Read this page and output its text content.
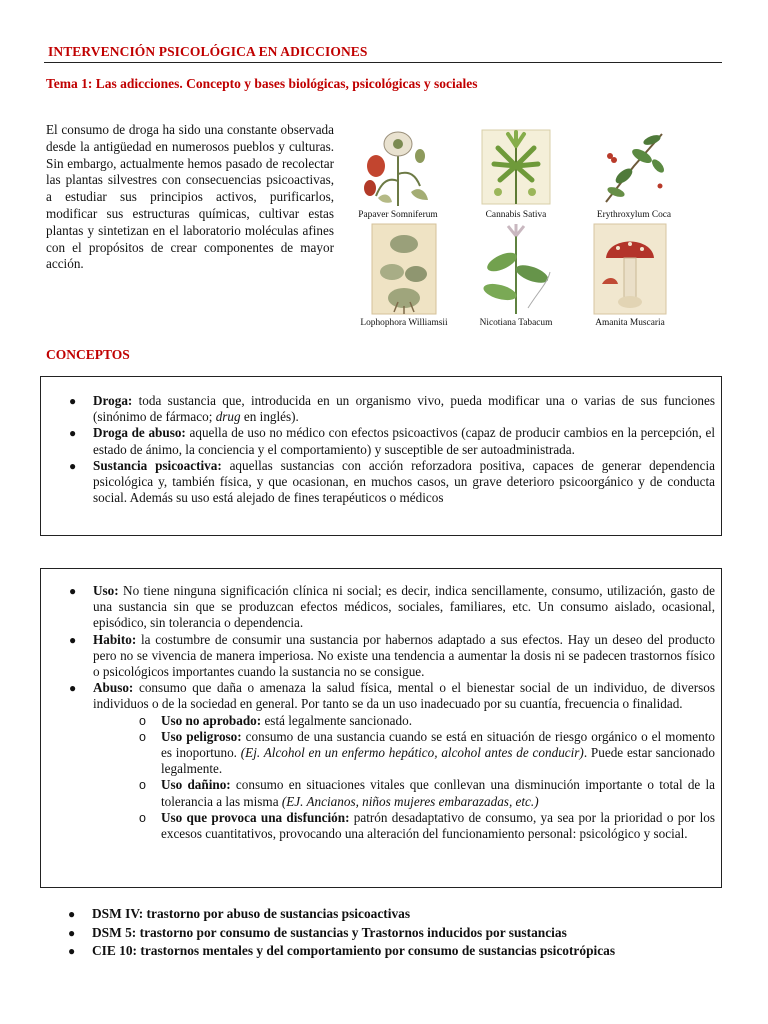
INTERVENCIÓN PSICOLÓGICA EN ADICCIONES
Tema 1: Las adicciones. Concepto y bases biológicas, psicológicas y sociales

El consumo de droga ha sido una constante observada desde la antigüedad en numerosos pueblos y culturas. Sin embargo, actualmente hemos pasado de recolectar las plantas silvestres con consecuencias psicoactivas, a estudiar sus principios activos, purificarlos, modificar sus estructuras químicas, cultivar estas plantas y sintetizan en el laboratorio moléculas afines con el propósitos de crear componentes de mayor acción.

Papaver Somniferum	Cannabis Sativa	Erythroxylum Coca
Lophophora Williamsii	Nicotiana Tabacum	Amanita Muscaria
CONCEPTOS
● Droga: toda sustancia que, introducida en un organismo vivo, pueda modificar una o varias de sus funciones (sinónimo de fármaco; drug en inglés).
● Droga de abuso: aquella de uso no médico con efectos psicoactivos (capaz de producir cambios en la percepción, el estado de ánimo, la conciencia y el comportamiento) y susceptible de ser autoadministrada.
● Sustancia psicoactiva: aquellas sustancias con acción reforzadora positiva, capaces de generar dependencia psicológica y, también física, y que ocasionan, en muchos casos, un grave deterioro psicoorgánico y de conducta social. Además su uso está alejado de fines terapéuticos o médicos
● Uso: No tiene ninguna significación clínica ni social; es decir, indica sencillamente, consumo, utilización, gasto de una sustancia sin que se produzcan efectos médicos, sociales, familiares, etc. Un consumo aislado, ocasional, episódico, sin tolerancia o dependencia.
● Habito: la costumbre de consumir una sustancia por habernos adaptado a sus efectos. Hay un deseo del producto pero no se vivencia de manera imperiosa. No existe una tendencia a aumentar la dosis ni se padecen trastornos físico o psicológicos importantes cuando la sustancia no se consigue.
● Abuso: consumo que daña o amenaza la salud física, mental o el bienestar social de un individuo, de diversos individuos o de la sociedad en general. Por tanto se da un uso inadecuado por su cuantía, frecuencia o finalidad.
o Uso no aprobado: está legalmente sancionado.
o Uso peligroso: consumo de una sustancia cuando se está en situación de riesgo orgánico o el momento es inoportuno. (Ej. Alcohol en un enfermo hepático, alcohol antes de conducir). Puede estar sancionado legalmente.
o Uso dañino: consumo en situaciones vitales que conllevan una disminución importante o total de la tolerancia a las misma (EJ. Ancianos, niños mujeres embarazadas, etc.)
o Uso que provoca una disfunción: patrón desadaptativo de consumo, ya sea por la prioridad o por los excesos cuantitativos, provocando una alteración del funcionamiento personal: psicológico y social.
● DSM IV: trastorno por abuso de sustancias psicoactivas
● DSM 5: trastorno por consumo de sustancias y Trastornos inducidos por sustancias
● CIE 10: trastornos mentales y del comportamiento por consumo de sustancias psicotrópicas
